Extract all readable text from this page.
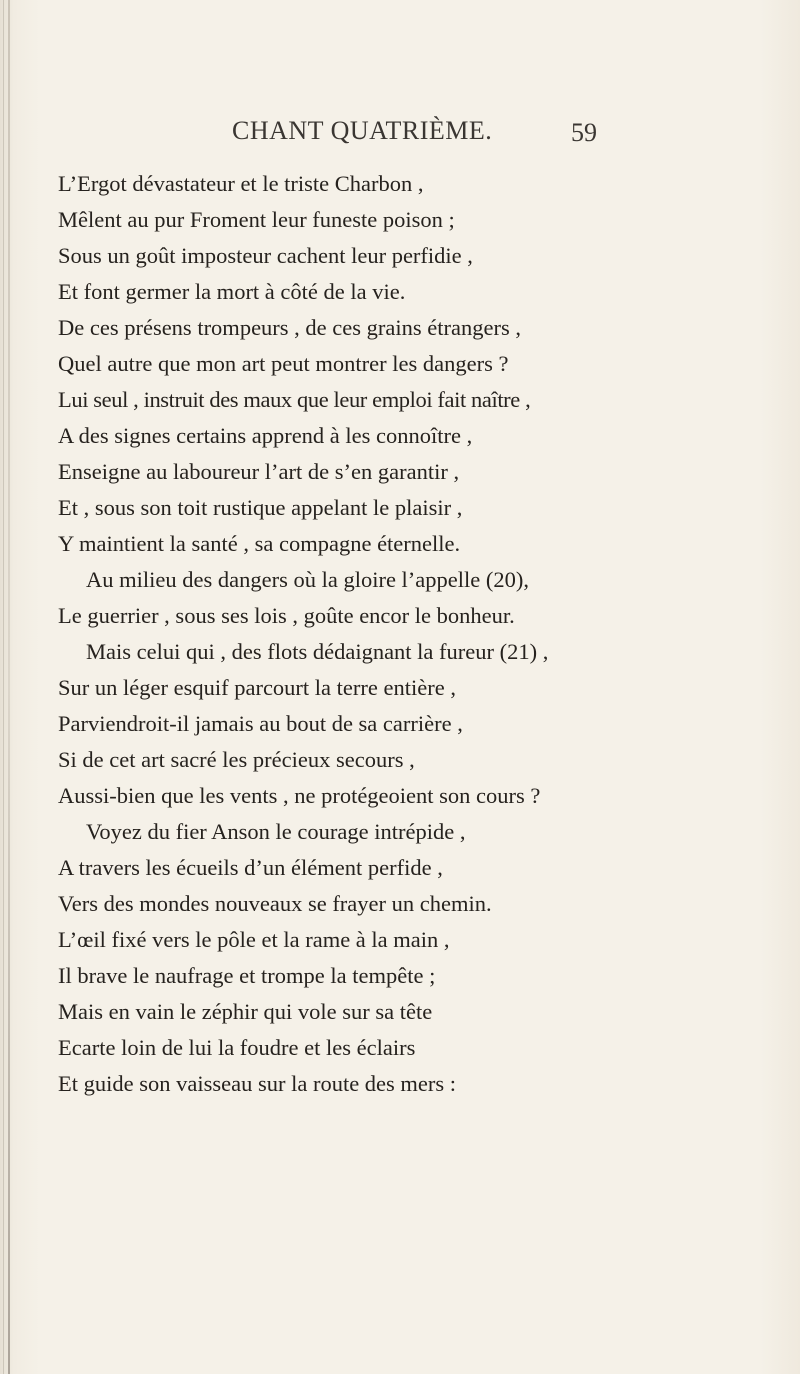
CHANT QUATRIÈME.	59
L’Ergot dévastateur et le triste Charbon ,
Mêlent au pur Froment leur funeste poison ;
Sous un goût imposteur cachent leur perfidie ,
Et font germer la mort à côté de la vie.
De ces présens trompeurs , de ces grains étrangers ,
Quel autre que mon art peut montrer les dangers ?
Lui seul , instruit des maux que leur emploi fait naître ,
A des signes certains apprend à les connoître ,
Enseigne au laboureur l’art de s’en garantir ,
Et , sous son toit rustique appelant le plaisir ,
Y maintient la santé , sa compagne éternelle.
Au milieu des dangers où la gloire l’appelle (20),
Le guerrier , sous ses lois , goûte encor le bonheur.
Mais celui qui , des flots dédaignant la fureur (21) ,
Sur un léger esquif parcourt la terre entière ,
Parviendroit-il jamais au bout de sa carrière ,
Si de cet art sacré les précieux secours ,
Aussi-bien que les vents , ne protégeoient son cours ?
Voyez du fier Anson le courage intrépide ,
A travers les écueils d’un élément perfide ,
Vers des mondes nouveaux se frayer un chemin.
L’œil fixé vers le pôle et la rame à la main ,
Il brave le naufrage et trompe la tempête ;
Mais en vain le zéphir qui vole sur sa tête
Ecarte loin de lui la foudre et les éclairs
Et guide son vaisseau sur la route des mers :
